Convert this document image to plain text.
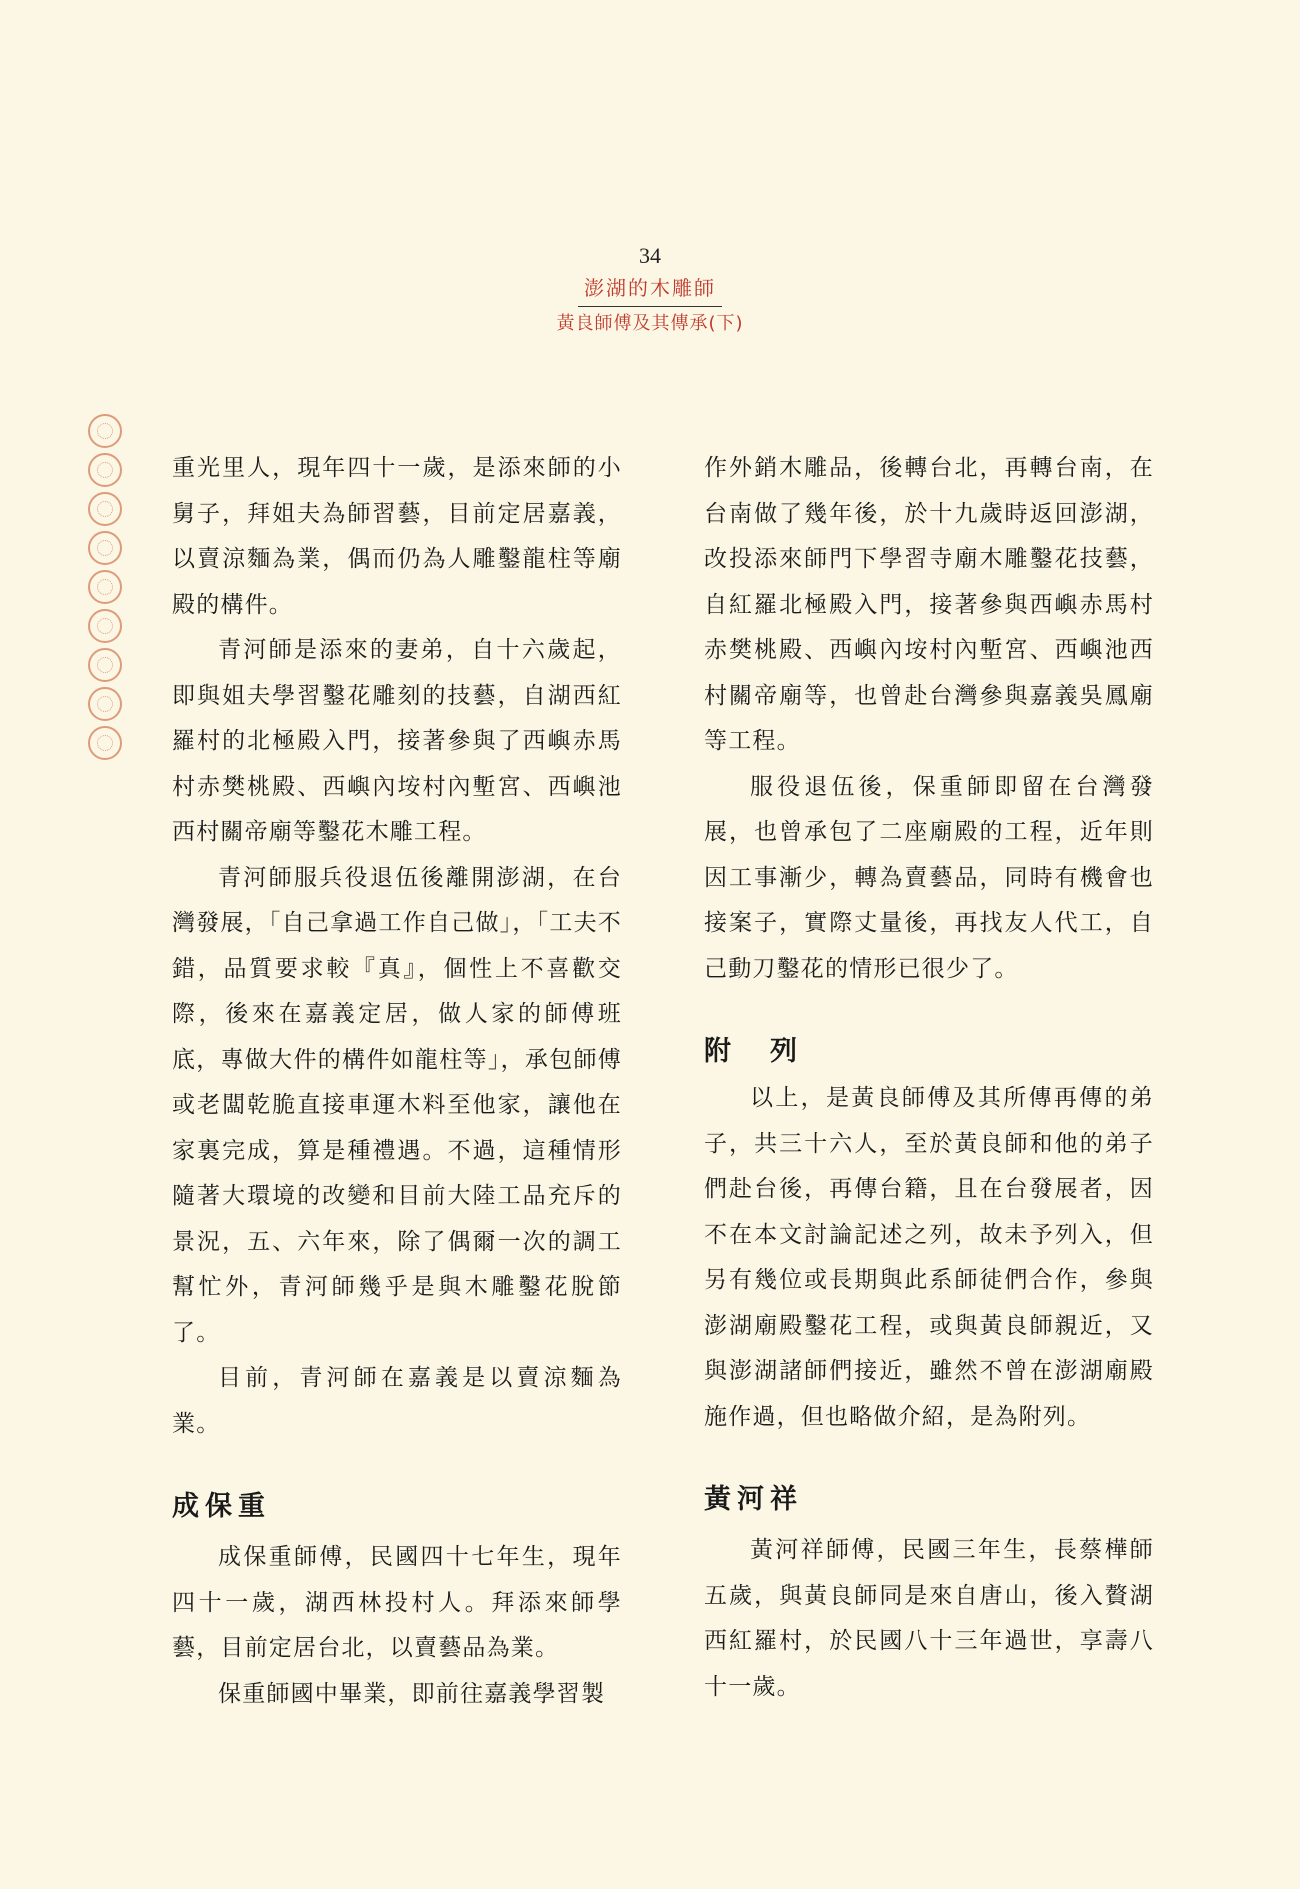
34
澎湖的木雕師
黃良師傅及其傳承(下)

重光里人，現年四十一歲，是添來師的小舅子，拜姐夫為師習藝，目前定居嘉義，以賣涼麵為業，偶而仍為人雕鑿龍柱等廟殿的構件。

青河師是添來的妻弟，自十六歲起，即與姐夫學習鑿花雕刻的技藝，自湖西紅羅村的北極殿入門，接著參與了西嶼赤馬村赤樊桃殿、西嶼內垵村內塹宮、西嶼池西村關帝廟等鑿花木雕工程。

青河師服兵役退伍後離開澎湖，在台灣發展，「自己拿過工作自己做」，「工夫不錯，品質要求較『真』，個性上不喜歡交際，後來在嘉義定居，做人家的師傅班底，專做大件的構件如龍柱等」，承包師傅或老闆乾脆直接車運木料至他家，讓他在家裏完成，算是種禮遇。不過，這種情形隨著大環境的改變和目前大陸工品充斥的景況，五、六年來，除了偶爾一次的調工幫忙外，青河師幾乎是與木雕鑿花脫節了。

目前，青河師在嘉義是以賣涼麵為業。

成保重

成保重師傅，民國四十七年生，現年四十一歲，湖西林投村人。拜添來師學藝，目前定居台北，以賣藝品為業。

保重師國中畢業，即前往嘉義學習製

作外銷木雕品，後轉台北，再轉台南，在台南做了幾年後，於十九歲時返回澎湖，改投添來師門下學習寺廟木雕鑿花技藝，自紅羅北極殿入門，接著參與西嶼赤馬村赤樊桃殿、西嶼內垵村內塹宮、西嶼池西村關帝廟等，也曾赴台灣參與嘉義吳鳳廟等工程。

服役退伍後，保重師即留在台灣發展，也曾承包了二座廟殿的工程，近年則因工事漸少，轉為賣藝品，同時有機會也接案子，實際丈量後，再找友人代工，自己動刀鑿花的情形已很少了。

附　列

以上，是黃良師傅及其所傳再傳的弟子，共三十六人，至於黃良師和他的弟子們赴台後，再傳台籍，且在台發展者，因不在本文討論記述之列，故未予列入，但另有幾位或長期與此系師徒們合作，參與澎湖廟殿鑿花工程，或與黃良師親近，又與澎湖諸師們接近，雖然不曾在澎湖廟殿施作過，但也略做介紹，是為附列。

黃河祥

黃河祥師傅，民國三年生，長蔡樺師五歲，與黃良師同是來自唐山，後入贅湖西紅羅村，於民國八十三年過世，享壽八十一歲。
